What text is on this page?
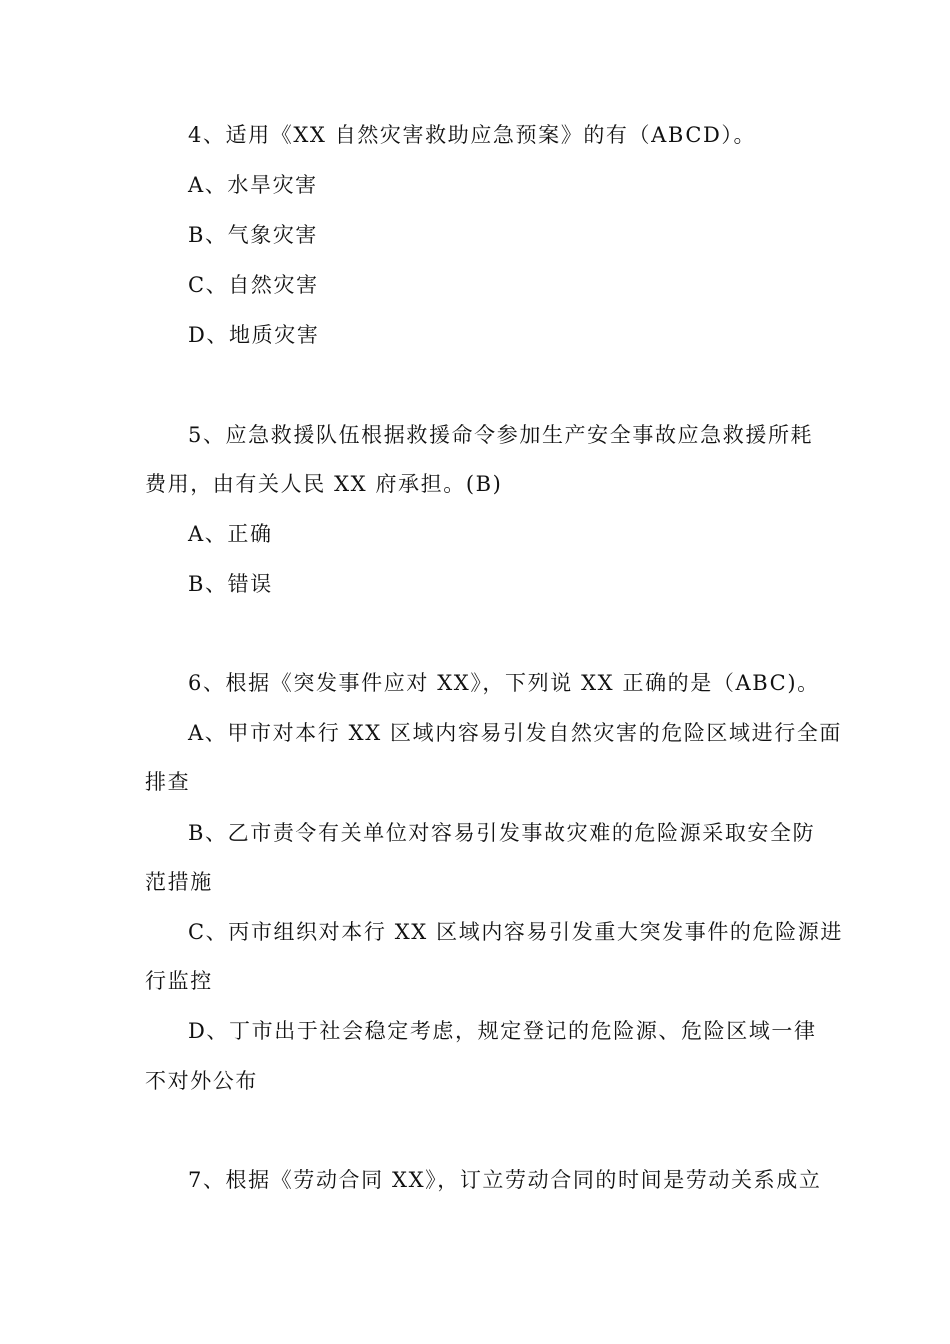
4、适用《XX 自然灾害救助应急预案》的有（ABCD）。
A、水旱灾害
B、气象灾害
C、自然灾害
D、地质灾害
5、应急救援队伍根据救援命令参加生产安全事故应急救援所耗
费用，由有关人民 XX 府承担。(B)
A、正确
B、错误
6、根据《突发事件应对 XX》，下列说 XX 正确的是（ABC)。
A、甲市对本行 XX 区域内容易引发自然灾害的危险区域进行全面
排查
B、乙市责令有关单位对容易引发事故灾难的危险源采取安全防
范措施
C、丙市组织对本行 XX 区域内容易引发重大突发事件的危险源进
行监控
D、丁市出于社会稳定考虑，规定登记的危险源、危险区域一律
不对外公布
7、根据《劳动合同 XX》，订立劳动合同的时间是劳动关系成立
